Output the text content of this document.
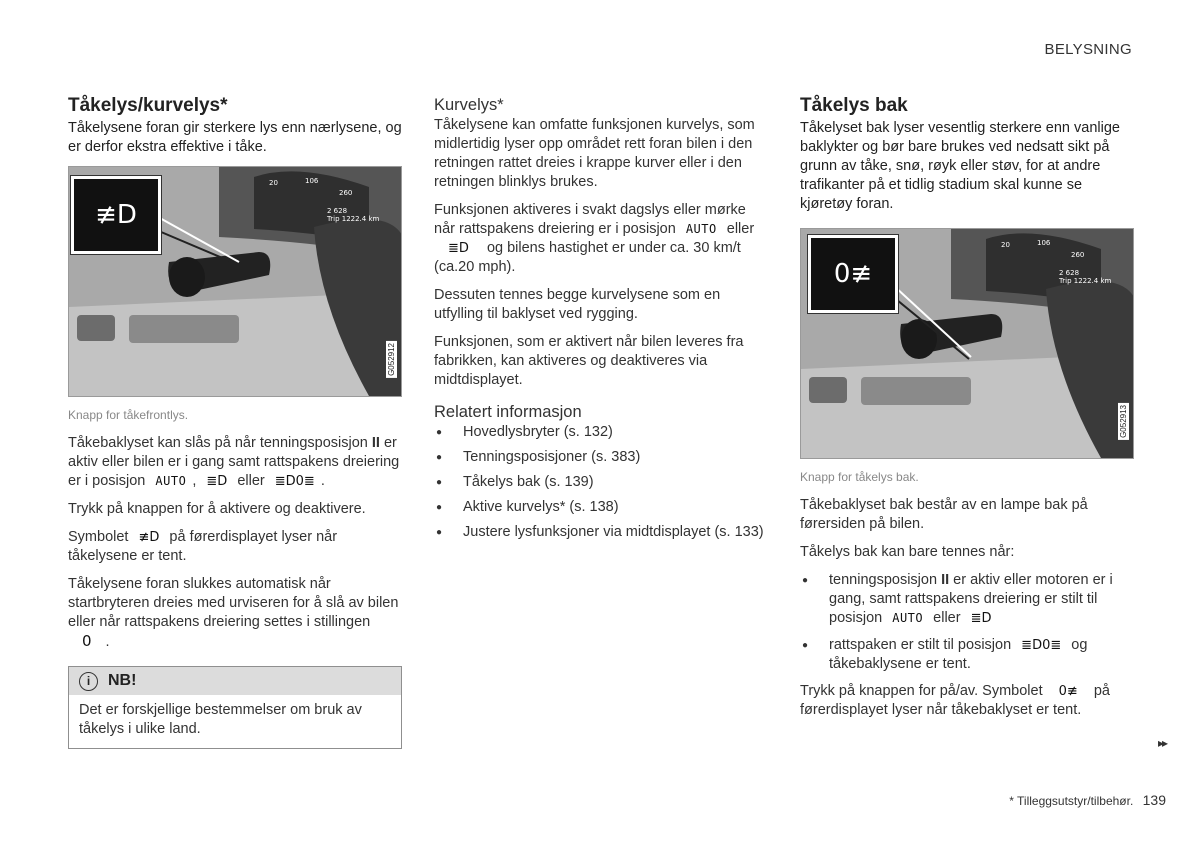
BELYSNING
Tåkelys/kurvelys*

Tåkelysene foran gir sterkere lys enn nærlysene, og er derfor ekstra effektive i tåke.

20	106
260
2 628
Trip 1222.4 km
≢D
G052912

Knapp for tåkefrontlys.

Tåkebaklyset kan slås på når tenningsposisjon II er aktiv eller bilen er i gang samt rattspakens dreiering er i posisjon AUTO , ≣D eller ≣D0≣ .

Trykk på knappen for å aktivere og deaktivere.

Symbolet ≢D på førerdisplayet lyser når tåkelysene er tent.

Tåkelysene foran slukkes automatisk når startbryteren dreies med urviseren for å slå av bilen eller når rattspakens dreiering settes i stillingen 0 .

i	NB!
Det er forskjellige bestemmelser om bruk av tåkelys i ulike land.
Kurvelys*

Tåkelysene kan omfatte funksjonen kurvelys, som midlertidig lyser opp området rett foran bilen i den retningen rattet dreies i krappe kurver eller i den retningen blinklys brukes.

Funksjonen aktiveres i svakt dagslys eller mørke når rattspakens dreiering er i posisjon AUTO eller
≣D og bilens hastighet er under ca. 30 km/t (ca.20 mph).

Dessuten tennes begge kurvelysene som en utfylling til baklyset ved rygging.

Funksjonen, som er aktivert når bilen leveres fra fabrikken, kan aktiveres og deaktiveres via midtdisplayet.

Relatert informasjon
● Hovedlysbryter (s. 132)
● Tenningsposisjoner (s. 383)
● Tåkelys bak (s. 139)
● Aktive kurvelys* (s. 138)
● Justere lysfunksjoner via midtdisplayet (s. 133)
Tåkelys bak

Tåkelyset bak lyser vesentlig sterkere enn vanlige baklykter og bør bare brukes ved nedsatt sikt på grunn av tåke, snø, røyk eller støv, for at andre trafikanter på et tidlig stadium skal kunne se kjøretøy foran.

20	106
260
2 628
Trip 1222.4 km
0≢
G052913

Knapp for tåkelys bak.

Tåkebaklyset bak består av en lampe bak på førersiden på bilen.

Tåkelys bak kan bare tennes når:

● tenningsposisjon II er aktiv eller motoren er i gang, samt rattspakens dreiering er stilt til posisjon AUTO eller ≣D
● rattspaken er stilt til posisjon ≣D0≣ og tåkebaklysene er tent.

Trykk på knappen for på/av. Symbolet 0≢ på førerdisplayet lyser når tåkebaklyset er tent.

▸▸
* Tilleggsutstyr/tilbehør. 139
